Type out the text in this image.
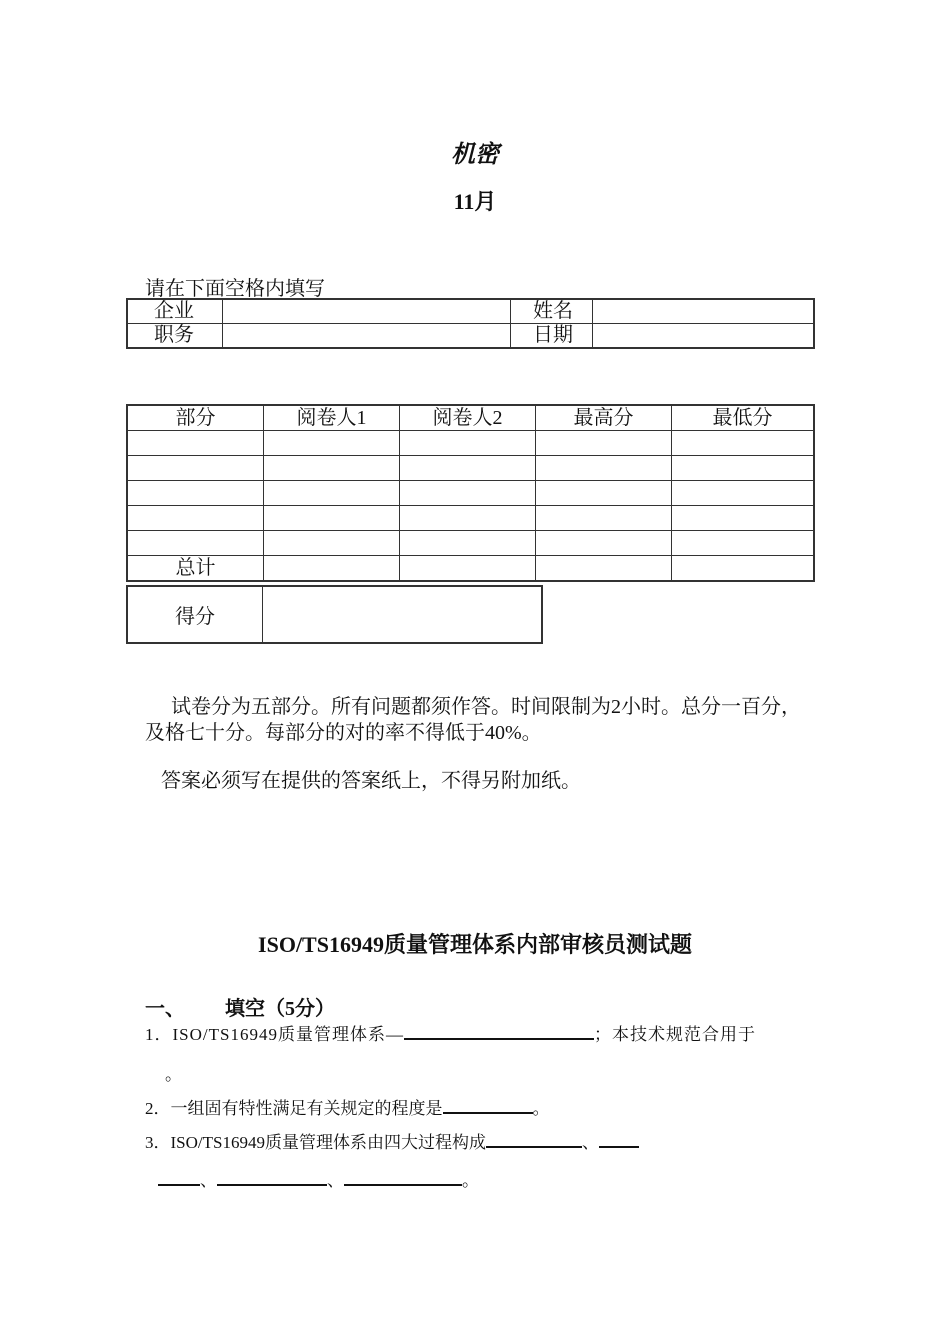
机密
11月
请在下面空格内填写
企业		姓名	
职务		日期	
部分	阅卷人1	阅卷人2	最高分	最低分

总计				
得分	
试卷分为五部分。所有问题都须作答。时间限制为2小时。总分一百分，及格七十分。每部分的对的率不得低于40%。
答案必须写在提供的答案纸上，不得另附加纸。
ISO/TS16949质量管理体系内部审核员测试题
一、 填空（5分）
1．ISO/TS16949质量管理体系—	；本技术规范合用于
。
2．一组固有特性满足有关规定的程度是	。
3．ISO/TS16949质量管理体系由四大过程构成	、
、	、	。
